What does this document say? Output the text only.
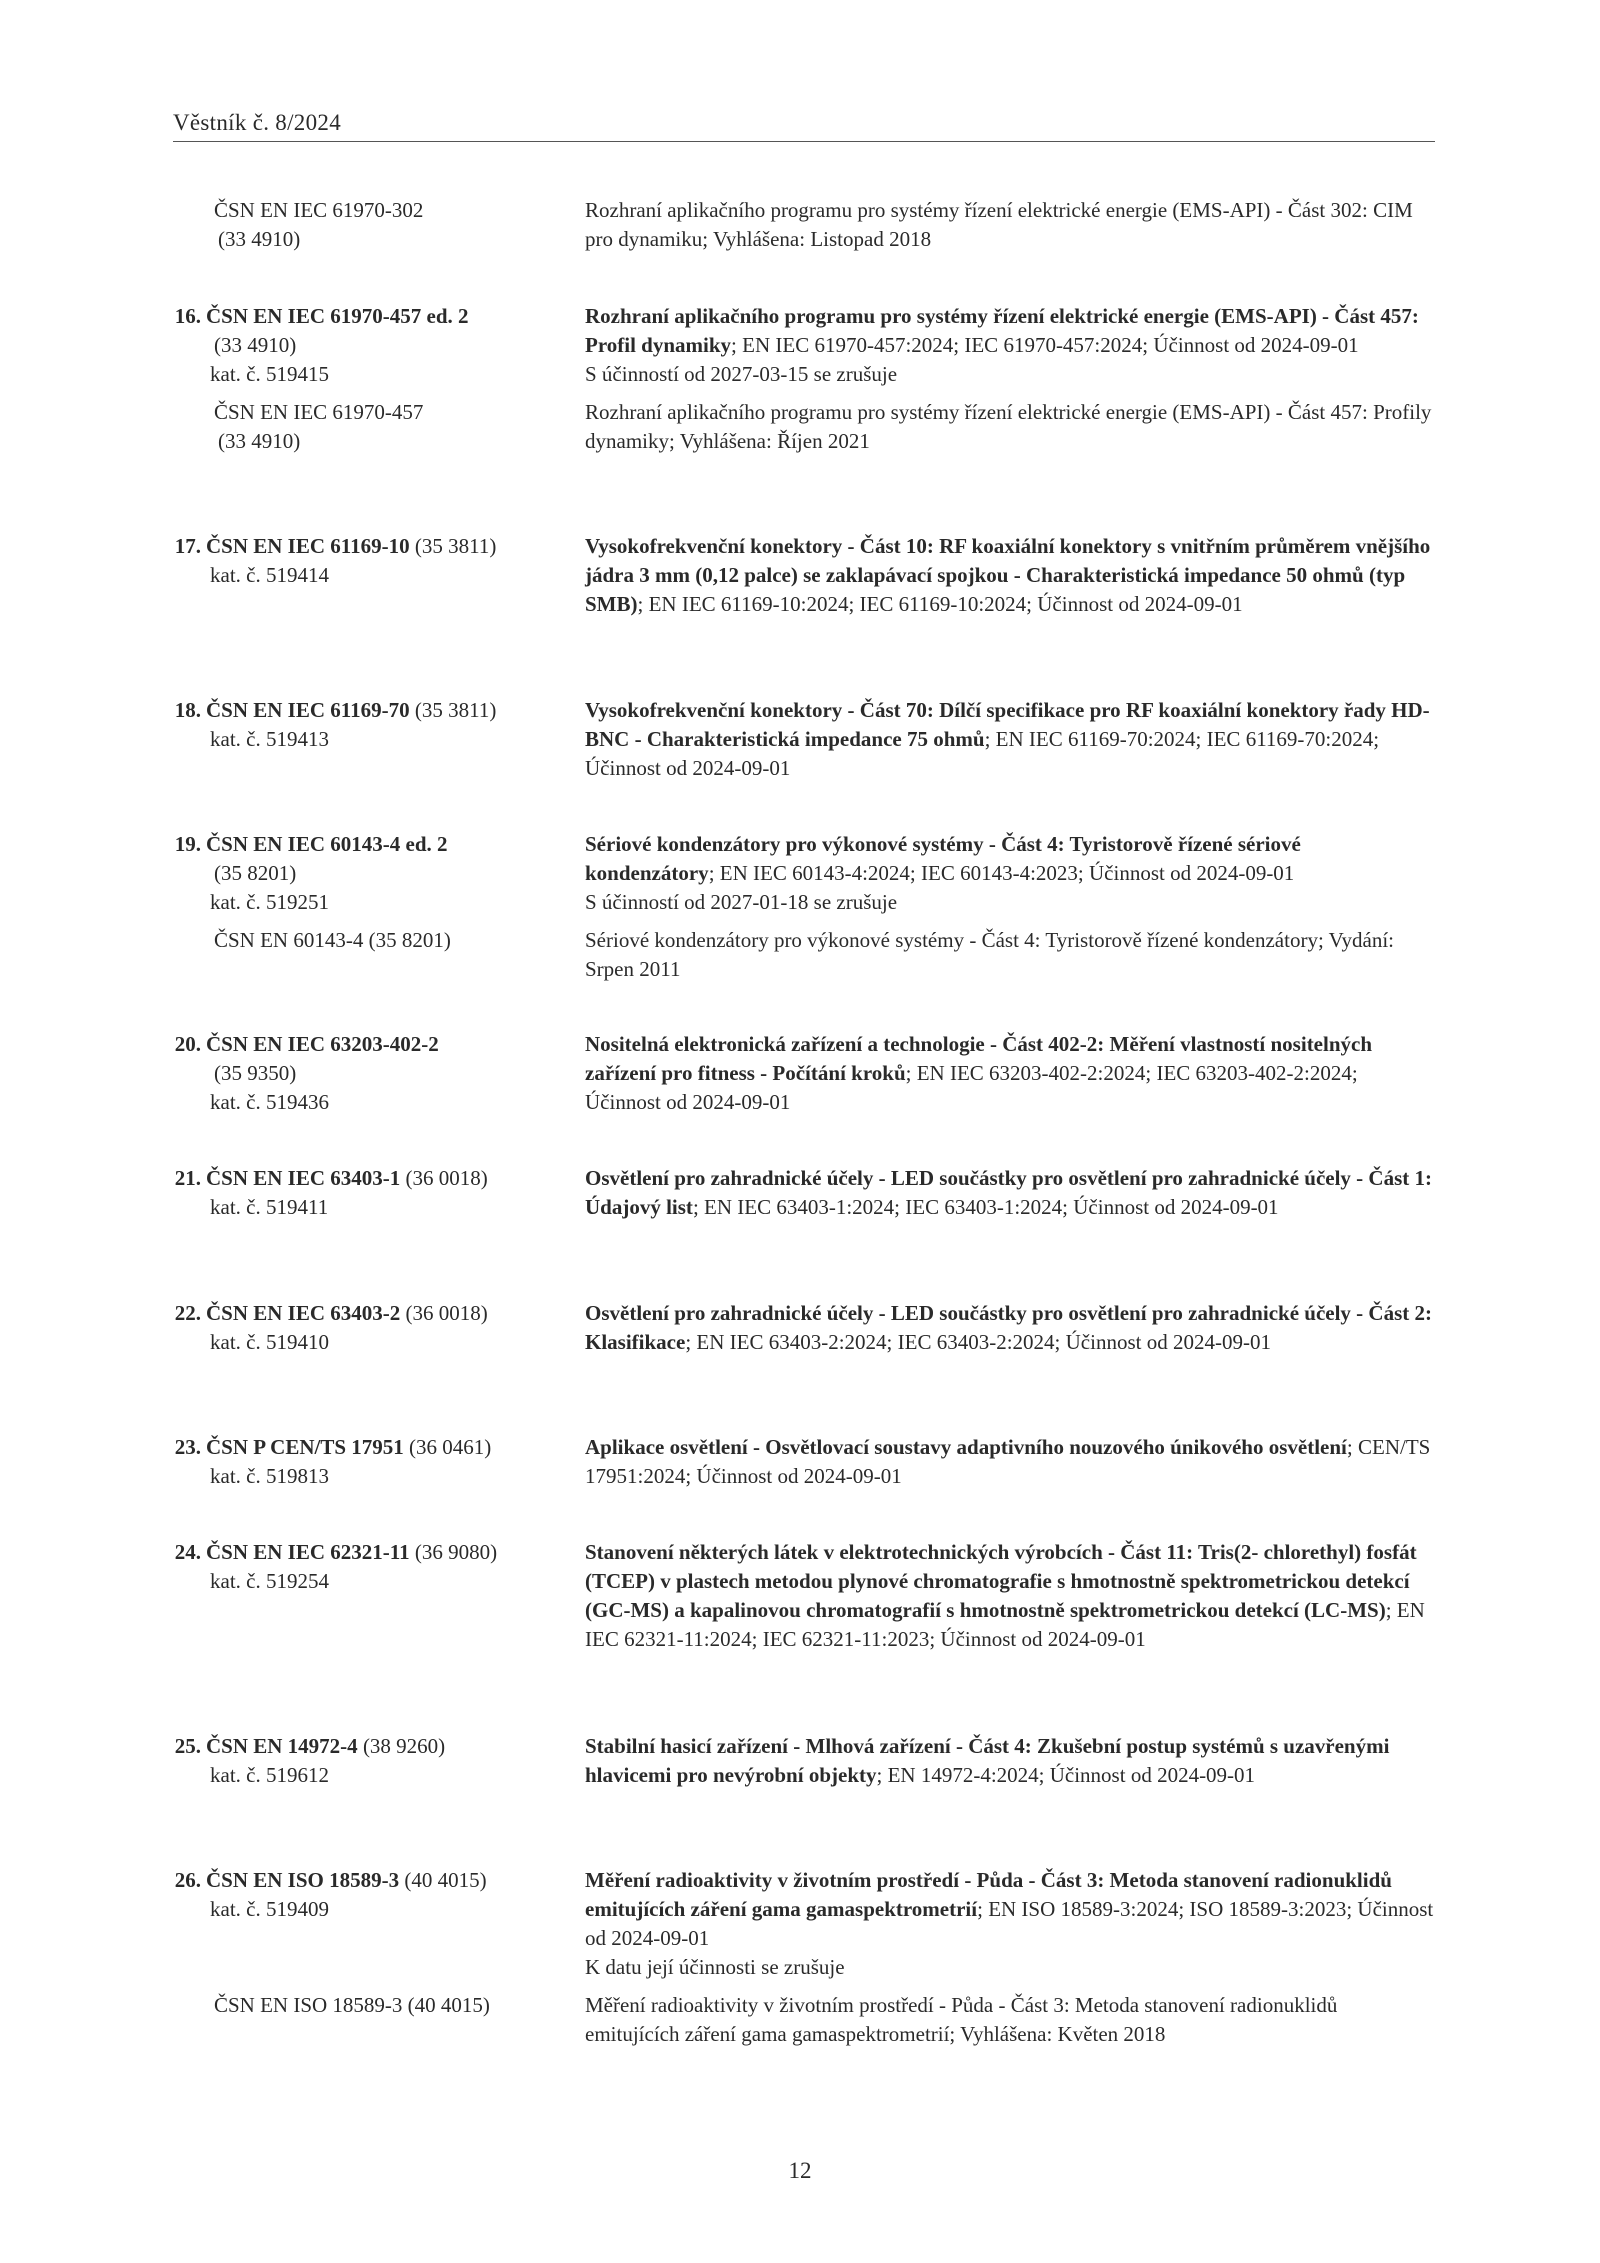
Věstník č. 8/2024
ČSN EN IEC 61970-302
(33 4910)
Rozhraní aplikačního programu pro systémy řízení elektrické energie (EMS-API) - Část 302: CIM pro dynamiku; Vyhlášena: Listopad 2018
16. ČSN EN IEC 61970-457 ed. 2
(33 4910)
kat. č. 519415
Rozhraní aplikačního programu pro systémy řízení elektrické energie (EMS-API) - Část 457: Profil dynamiky; EN IEC 61970-457:2024; IEC 61970-457:2024; Účinnost od 2024-09-01
S účinností od 2027-03-15 se zrušuje
ČSN EN IEC 61970-457
(33 4910)
Rozhraní aplikačního programu pro systémy řízení elektrické energie (EMS-API) - Část 457: Profily dynamiky; Vyhlášena: Říjen 2021
17. ČSN EN IEC 61169-10 (35 3811)
kat. č. 519414
Vysokofrekvenční konektory - Část 10: RF koaxiální konektory s vnitřním průměrem vnějšího jádra 3 mm (0,12 palce) se zaklapávací spojkou - Charakteristická impedance 50 ohmů (typ SMB); EN IEC 61169-10:2024; IEC 61169-10:2024; Účinnost od 2024-09-01
18. ČSN EN IEC 61169-70 (35 3811)
kat. č. 519413
Vysokofrekvenční konektory - Část 70: Dílčí specifikace pro RF koaxiální konektory řady HD-BNC - Charakteristická impedance 75 ohmů; EN IEC 61169-70:2024; IEC 61169-70:2024; Účinnost od 2024-09-01
19. ČSN EN IEC 60143-4 ed. 2
(35 8201)
kat. č. 519251
Sériové kondenzátory pro výkonové systémy - Část 4: Tyristorově řízené sériové kondenzátory; EN IEC 60143-4:2024; IEC 60143-4:2023; Účinnost od 2024-09-01
S účinností od 2027-01-18 se zrušuje
ČSN EN 60143-4 (35 8201)	Sériové kondenzátory pro výkonové systémy - Část 4: Tyristorově řízené kondenzátory; Vydání: Srpen 2011
20. ČSN EN IEC 63203-402-2
(35 9350)
kat. č. 519436
Nositelná elektronická zařízení a technologie - Část 402-2: Měření vlastností nositelných zařízení pro fitness - Počítání kroků; EN IEC 63203-402-2:2024; IEC 63203-402-2:2024; Účinnost od 2024-09-01
21. ČSN EN IEC 63403-1 (36 0018)
kat. č. 519411
Osvětlení pro zahradnické účely - LED součástky pro osvětlení pro zahradnické účely - Část 1: Údajový list; EN IEC 63403-1:2024; IEC 63403-1:2024; Účinnost od 2024-09-01
22. ČSN EN IEC 63403-2 (36 0018)
kat. č. 519410
Osvětlení pro zahradnické účely - LED součástky pro osvětlení pro zahradnické účely - Část 2: Klasifikace; EN IEC 63403-2:2024; IEC 63403-2:2024; Účinnost od 2024-09-01
23. ČSN P CEN/TS 17951 (36 0461)
kat. č. 519813
Aplikace osvětlení - Osvětlovací soustavy adaptivního nouzového únikového osvětlení; CEN/TS 17951:2024; Účinnost od 2024-09-01
24. ČSN EN IEC 62321-11 (36 9080)
kat. č. 519254
Stanovení některých látek v elektrotechnických výrobcích - Část 11: Tris(2- chlorethyl) fosfát (TCEP) v plastech metodou plynové chromatografie s hmotnostně spektrometrickou detekcí (GC-MS) a kapalinovou chromatografií s hmotnostně spektrometrickou detekcí (LC-MS); EN IEC 62321-11:2024; IEC 62321-11:2023; Účinnost od 2024-09-01
25. ČSN EN 14972-4 (38 9260)
kat. č. 519612
Stabilní hasicí zařízení - Mlhová zařízení - Část 4: Zkušební postup systémů s uzavřenými hlavicemi pro nevýrobní objekty; EN 14972-4:2024; Účinnost od 2024-09-01
26. ČSN EN ISO 18589-3 (40 4015)
kat. č. 519409
Měření radioaktivity v životním prostředí - Půda - Část 3: Metoda stanovení radionuklidů emitujících záření gama gamaspektrometrií; EN ISO 18589-3:2024; ISO 18589-3:2023; Účinnost od 2024-09-01
K datu její účinnosti se zrušuje
ČSN EN ISO 18589-3 (40 4015)	Měření radioaktivity v životním prostředí - Půda - Část 3: Metoda stanovení radionuklidů emitujících záření gama gamaspektrometrií; Vyhlášena: Květen 2018
12
